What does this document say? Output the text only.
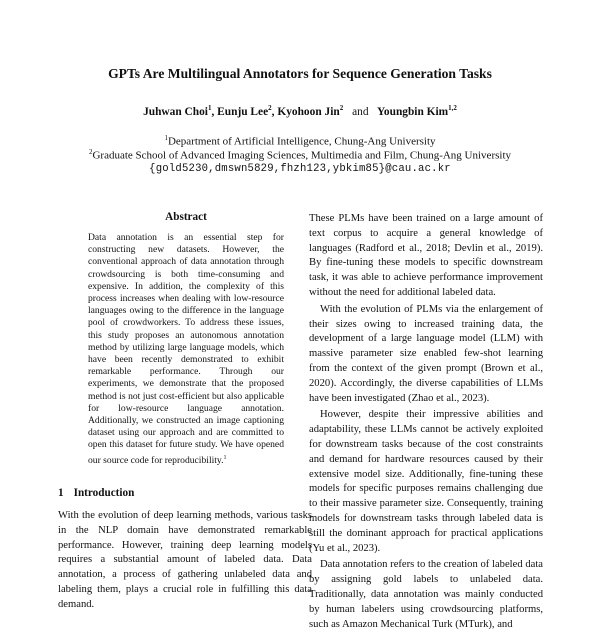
GPTs Are Multilingual Annotators for Sequence Generation Tasks
Juhwan Choi$^1$, Eunju Lee$^2$, Kyohoon Jin$^2$ and Youngbin Kim$^{1,2}$
$^1$Department of Artificial Intelligence, Chung-Ang University
$^2$Graduate School of Advanced Imaging Sciences, Multimedia and Film, Chung-Ang University
{gold5230,dmswn5829,fhzh123,ybkim85}@cau.ac.kr
Abstract
Data annotation is an essential step for constructing new datasets. However, the conventional approach of data annotation through crowdsourcing is both time-consuming and expensive. In addition, the complexity of this process increases when dealing with low-resource languages owing to the difference in the language pool of crowdworkers. To address these issues, this study proposes an autonomous annotation method by utilizing large language models, which have been recently demonstrated to exhibit remarkable performance. Through our experiments, we demonstrate that the proposed method is not just cost-efficient but also applicable for low-resource language annotation. Additionally, we constructed an image captioning dataset using our approach and are committed to open this dataset for future study. We have opened our source code for reproducibility.$^1$
1 Introduction

With the evolution of deep learning methods, various tasks in the NLP domain have demonstrated remarkable performance. However, training deep learning models requires a substantial amount of labeled data. Data annotation, a process of gathering unlabeled data and labeling them, plays a crucial role in fulfilling this data demand.

These PLMs have been trained on a large amount of text corpus to acquire a general knowledge of languages (Radford et al., 2018; Devlin et al., 2019). By fine-tuning these models to specific downstream task, it was able to achieve performance improvement without the need for additional labeled data.

With the evolution of PLMs via the enlargement of their sizes owing to increased training data, the development of a large language model (LLM) with massive parameter size enabled few-shot learning from the context of the given prompt (Brown et al., 2020). Accordingly, the diverse capabilities of LLMs have been investigated (Zhao et al., 2023).

However, despite their impressive abilities and adaptability, these LLMs cannot be actively exploited for downstream tasks because of the cost constraints and demand for hardware resources caused by their extensive model size. Additionally, fine-tuning these models for specific purposes remains challenging due to their massive parameter size. Consequently, training models for downstream tasks through labeled data is still the dominant approach for practical applications (Yu et al., 2023).

Data annotation refers to the creation of labeled data by assigning gold labels to unlabeled data. Traditionally, data annotation was mainly conducted by human labelers using crowdsourcing platforms, such as Amazon Mechanical Turk (MTurk), and
